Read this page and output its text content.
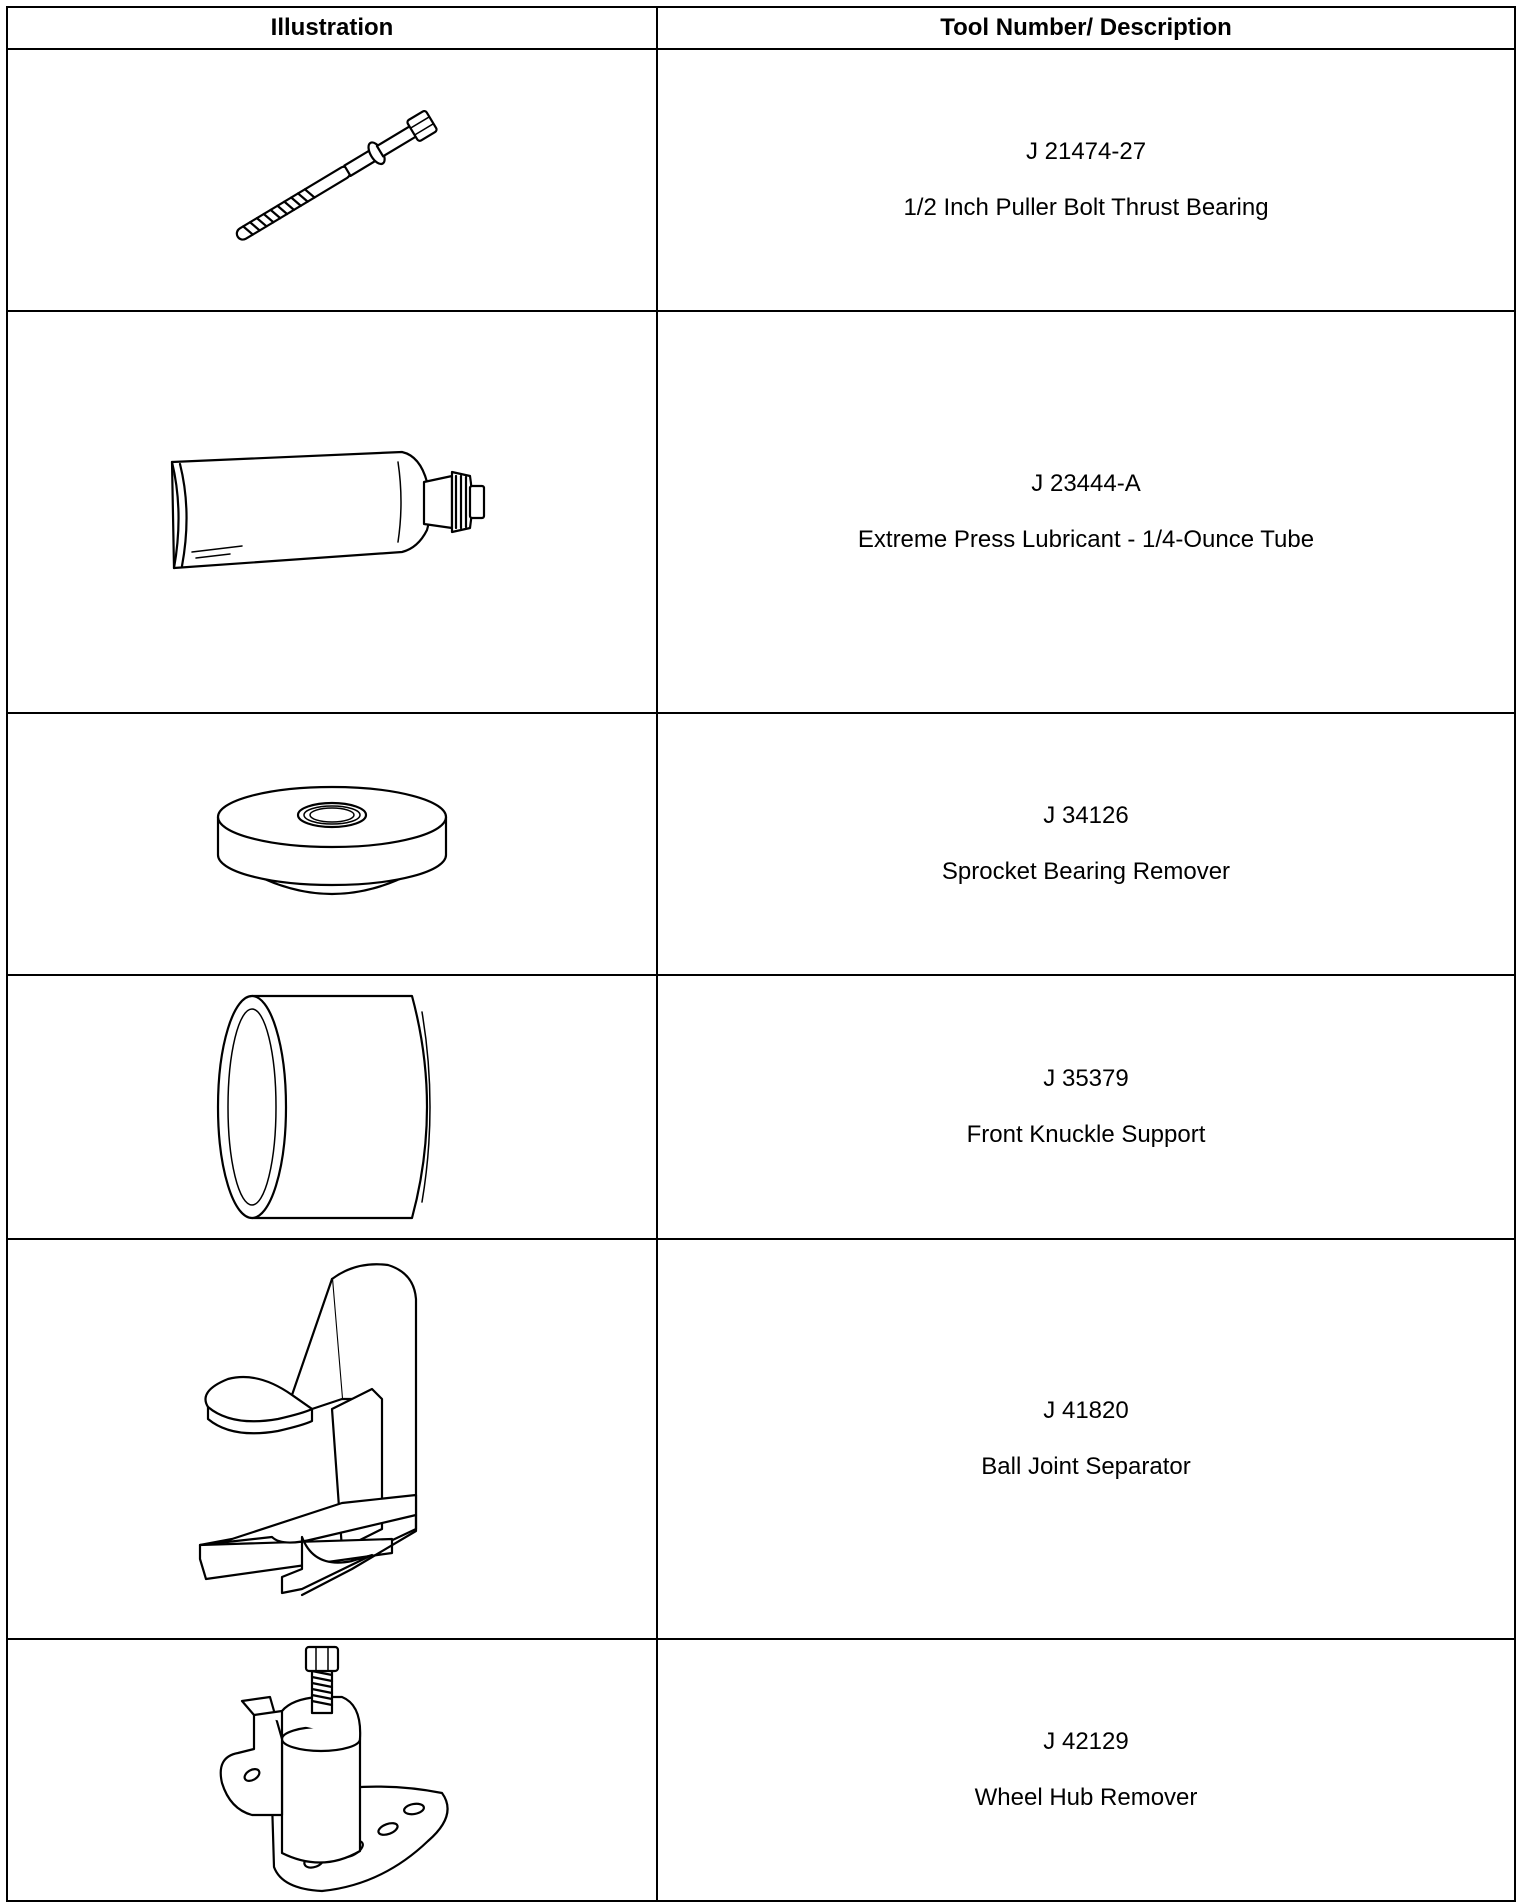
Illustration	Tool Number/ Description

J 21474-27
1/2 Inch Puller Bolt Thrust Bearing

J 23444-A
Extreme Press Lubricant - 1/4-Ounce Tube

J 34126
Sprocket Bearing Remover

J 35379
Front Knuckle Support

J 41820
Ball Joint Separator

J 42129
Wheel Hub Remover
